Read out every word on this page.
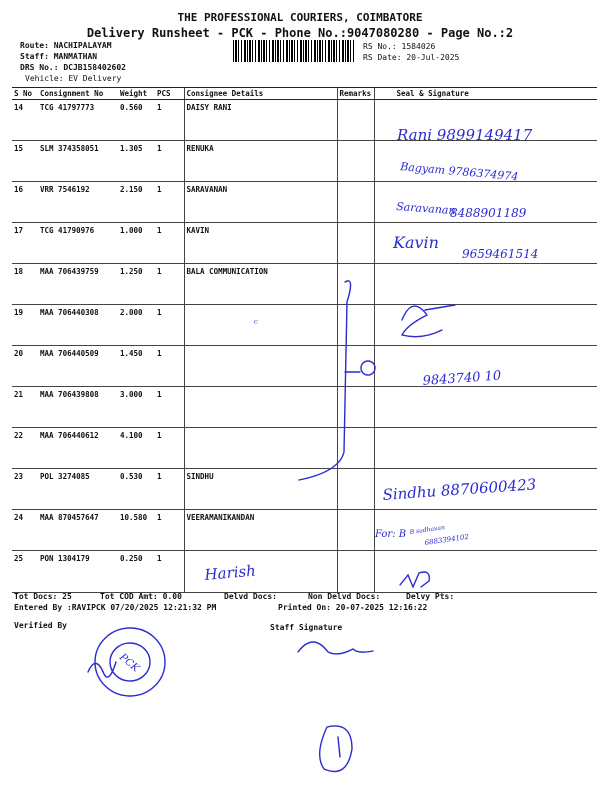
THE PROFESSIONAL COURIERS, COIMBATORE
Delivery Runsheet - PCK - Phone No.:9047080280 - Page No.:2
Route: NACHIPALAYAM
Staff: MANMATHAN
DRS No.: DCJB158402602
Vehicle: EV Delivery
RS No.: 1584026
RS Date: 20-Jul-2025
S No	Consignment No	Weight	PCS	Consignee Details	Remarks	Seal & Signature
14	TCG 41797773	0.560	1	DAISY RANI		
15	SLM 374358051	1.305	1	RENUKA		
16	VRR 7546192	2.150	1	SARAVANAN		
17	TCG 41790976	1.000	1	KAVIN		
18	MAA 706439759	1.250	1	BALA COMMUNICATION		
19	MAA 706440308	2.000	1			
20	MAA 706440509	1.450	1			
21	MAA 706439808	3.000	1			
22	MAA 706440612	4.100	1			
23	POL 3274085	0.530	1	SINDHU		
24	MAA 870457647	10.580	1	VEERAMANIKANDAN		
25	PON 1304179	0.250	1			
Tot Docs: 25	Tot COD Amt: 0.00	Delvd Docs:	Non Delvd Docs:	Delvy Pts:
Entered By :RAVIPCK 07/20/2025 12:21:32 PM	Printed On: 20-07-2025 12:16:22
Verified By	Staff Signature
Rani 9899149417
Bagyam 9786374974
Saravanan
8488901189
Kavin
9659461514
9843740 10
ᶜ
Sindhu 8870600423
For: B B sudhavan
6883394102
Harish
PCK
